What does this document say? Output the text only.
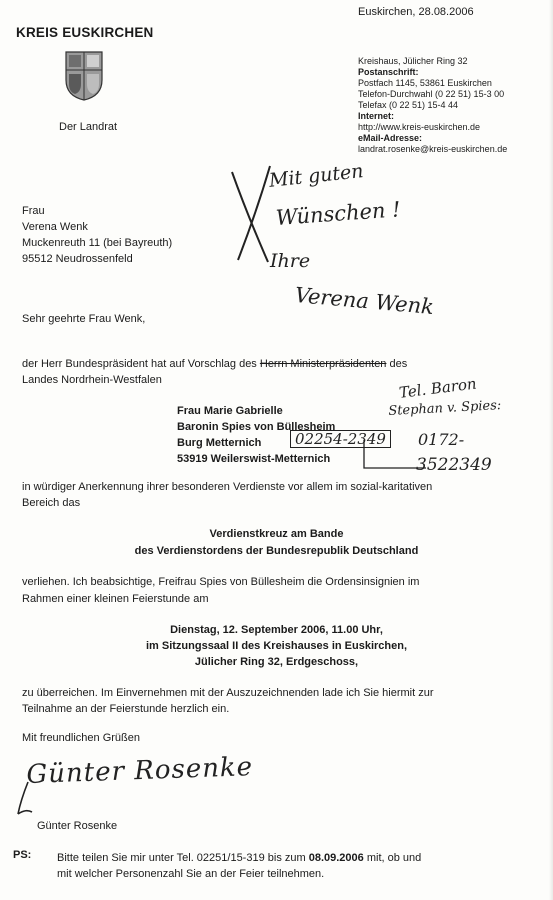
KREIS EUSKIRCHEN
Der Landrat
Euskirchen, 28.08.2006
Kreishaus, Jülicher Ring 32
Postanschrift:
Postfach 1145, 53861 Euskirchen
Telefon-Durchwahl (0 22 51) 15-3 00
Telefax (0 22 51) 15-4 44
Internet:
http://www.kreis-euskirchen.de
eMail-Adresse:
landrat.rosenke@kreis-euskirchen.de
Frau
Verena Wenk
Muckenreuth 11 (bei Bayreuth)
95512 Neudrossenfeld
Mit guten
Wünschen !
Ihre
Verena Wenk
Sehr geehrte Frau Wenk,
der Herr Bundespräsident hat auf Vorschlag des Herrn Ministerpräsidenten des
Landes Nordrhein-Westfalen
Frau Marie Gabrielle
Baronin Spies von Büllesheim
Burg Metternich
53919 Weilerswist-Metternich
02254-2349
Tel. Baron
Stephan v. Spies:
0172-
3522349
in würdiger Anerkennung ihrer besonderen Verdienste vor allem im sozial-karitativen
Bereich das
Verdienstkreuz am Bande
des Verdienstordens der Bundesrepublik Deutschland
verliehen. Ich beabsichtige, Freifrau Spies von Büllesheim die Ordensinsignien im
Rahmen einer kleinen Feierstunde am
Dienstag, 12. September 2006, 11.00 Uhr,
im Sitzungssaal II des Kreishauses in Euskirchen,
Jülicher Ring 32, Erdgeschoss,
zu überreichen. Im Einvernehmen mit der Auszuzeichnenden lade ich Sie hiermit zur
Teilnahme an der Feierstunde herzlich ein.
Mit freundlichen Grüßen
Günter Rosenke
Günter Rosenke
PS: Bitte teilen Sie mir unter Tel. 02251/15-319 bis zum 08.09.2006 mit, ob und
mit welcher Personenzahl Sie an der Feier teilnehmen.
